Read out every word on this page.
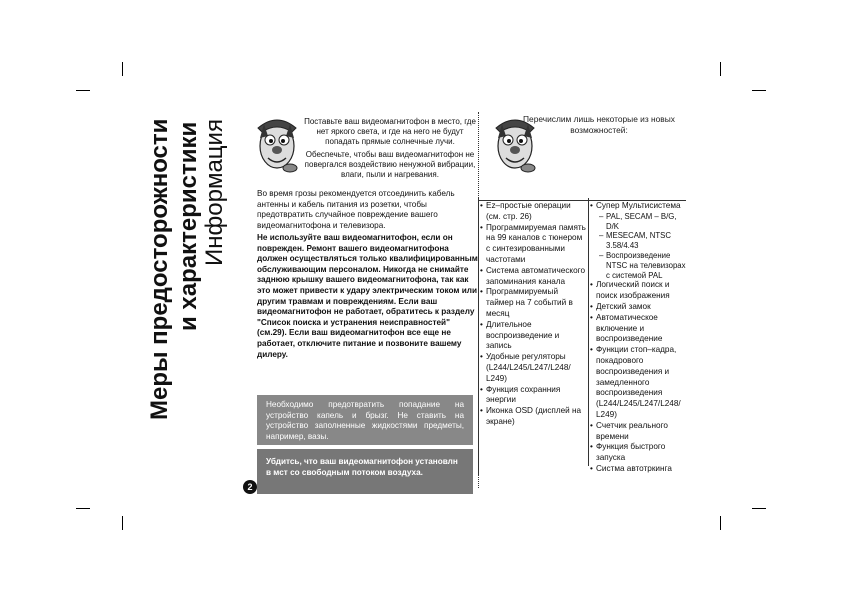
Меры предосторожности и характеристики Информация	Поставьте ваш видеомагнитофон в место, где нет яркого света, и где на него не будут попадать прямые солнечные лучи.
Обеспечьте, чтобы ваш видеомагнитофон не повергался воздействию ненужной вибрации, влаги, пыли и нагревания.
Перечислим лишь некоторые из новых возможностей:
Во время грозы рекомендуется отсоединить кабель антенны и кабель питания из розетки, чтобы предотвратить случайное повреждение вашего видеомагнитофона и телевизора.
Не используйте ваш видеомагнитофон, если он поврежден. Ремонт вашего видеомагнитофона должен осуществляться только квалифицированным обслуживающим персоналом. Никогда не снимайте заднюю крышку вашего видеомагнитофона, так как это может привести к удару электрическим током или другим травмам и повреждениям. Если ваш видеомагнитофон не работает, обратитесь к разделу "Список поиска и устранения неисправностей" (см.29). Если ваш видеомагнитофон все еще не работает, отключите питание и позвоните вашему дилеру.
Необходимо предотвратить попадание на устройство капель и брызг. Не ставить на устройство заполненные жидкостями предметы, например, вазы.
Убдитсь, что ваш видеомагнитофон установлн в мст со свободным потоком воздуха.
2
• Ez–простые операции (см. стр. 26)
• Программируемая память на 99 каналов с тюнером с синтезированными частотами
• Система автоматического запоминания канала
• Программируемый таймер на 7 событий в месяц
• Длительное воспроизведение и запись
• Удобные регуляторы (L244/L245/L247/L248/ L249)
• Функция сохранния энергии
• Иконка OSD (дисплей на экране)
• Супер Мультисистема
– PAL, SECAM – B/G, D/K
– MESECAM, NTSC 3.58/4.43
– Воспроизведение NTSC на телевизорах с системой PAL
• Логический поиск и поиск изображения
• Детский замок
• Автоматическое включение и воспроизведение
• Функции стоп–кадра, покадрового воспроизведения и замедленного воспроизведения (L244/L245/L247/L248/ L249)
• Счетчик реального времени
• Функция быстрого запуска
• Систма автотркинга
